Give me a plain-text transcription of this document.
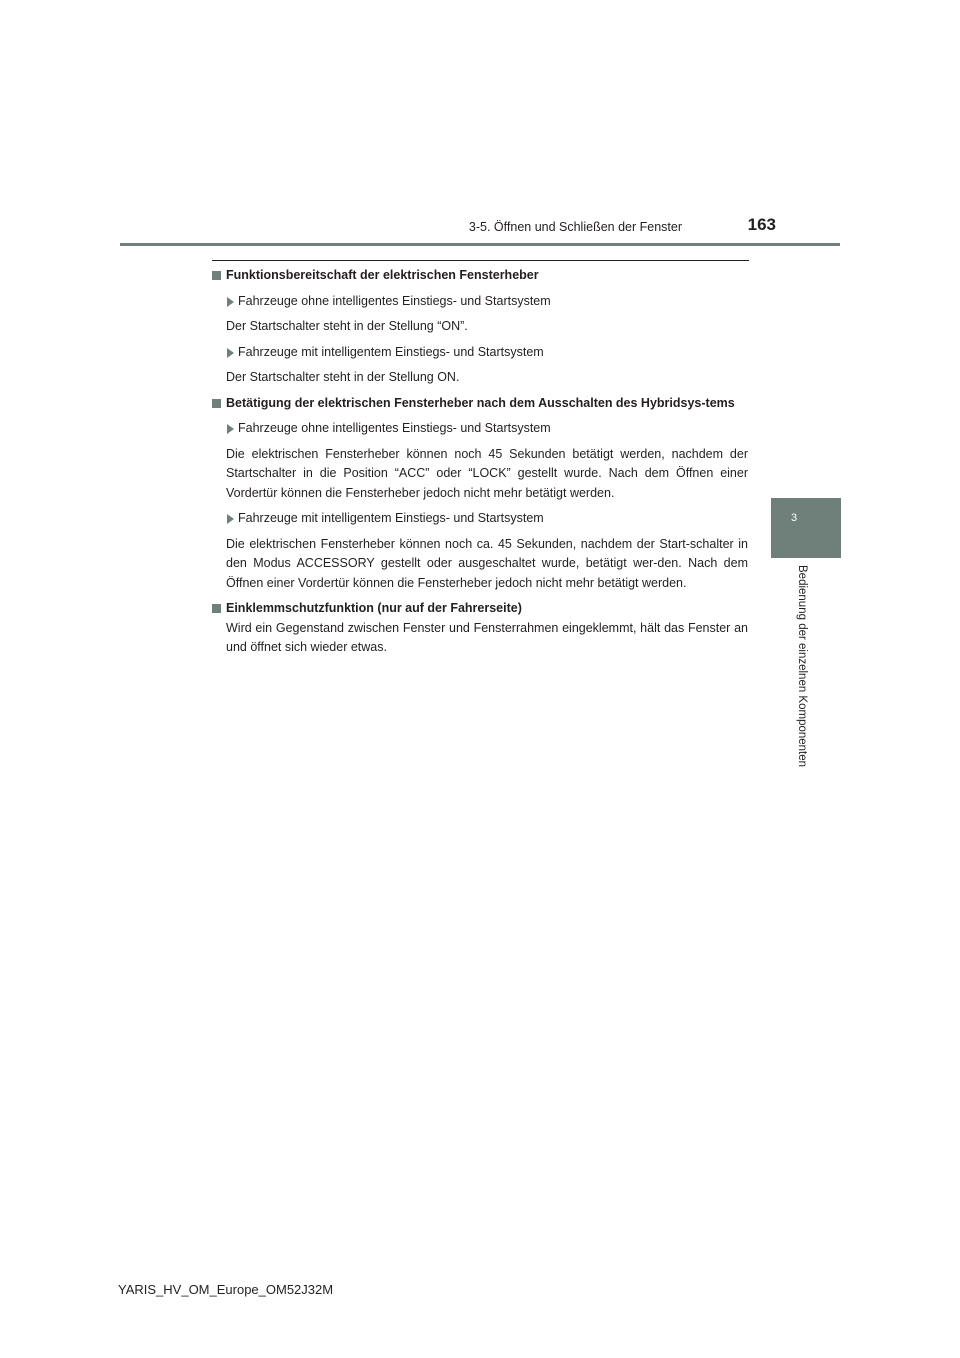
3-5. Öffnen und Schließen der Fenster	163
3
Bedienung der einzelnen Komponenten
Funktionsbereitschaft der elektrischen Fensterheber
Fahrzeuge ohne intelligentes Einstiegs- und Startsystem

Der Startschalter steht in der Stellung “ON”.

Fahrzeuge mit intelligentem Einstiegs- und Startsystem

Der Startschalter steht in der Stellung ON.

Betätigung der elektrischen Fensterheber nach dem Ausschalten des Hybridsys-tems
Fahrzeuge ohne intelligentes Einstiegs- und Startsystem

Die elektrischen Fensterheber können noch 45 Sekunden betätigt werden, nachdem der Startschalter in die Position “ACC” oder “LOCK” gestellt wurde. Nach dem Öffnen einer Vordertür können die Fensterheber jedoch nicht mehr betätigt werden.

Fahrzeuge mit intelligentem Einstiegs- und Startsystem

Die elektrischen Fensterheber können noch ca. 45 Sekunden, nachdem der Start-schalter in den Modus ACCESSORY gestellt oder ausgeschaltet wurde, betätigt wer-den. Nach dem Öffnen einer Vordertür können die Fensterheber jedoch nicht mehr betätigt werden.

Einklemmschutzfunktion (nur auf der Fahrerseite)

Wird ein Gegenstand zwischen Fenster und Fensterrahmen eingeklemmt, hält das Fenster an und öffnet sich wieder etwas.

YARIS_HV_OM_Europe_OM52J32M
